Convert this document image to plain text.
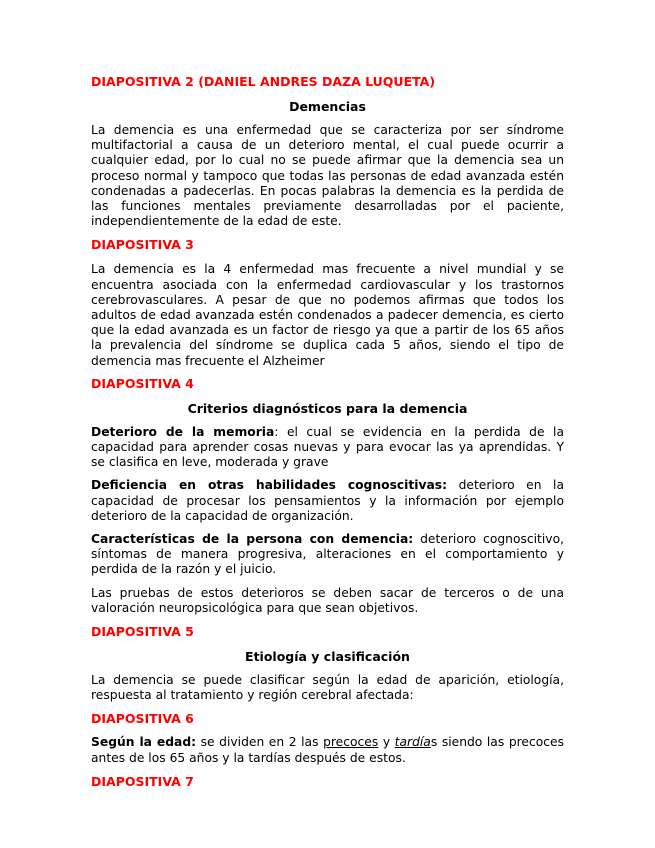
DIAPOSITIVA 2 (DANIEL ANDRES DAZA LUQUETA)

Demencias

La demencia es una enfermedad que se caracteriza por ser síndrome multifactorial a causa de un deterioro mental, el cual puede ocurrir a cualquier edad, por lo cual no se puede afirmar que la demencia sea un proceso normal y tampoco que todas las personas de edad avanzada estén condenadas a padecerlas. En pocas palabras la demencia es la perdida de las funciones mentales previamente desarrolladas por el paciente, independientemente de la edad de este.

DIAPOSITIVA 3

La demencia es la 4 enfermedad mas frecuente a nivel mundial y se encuentra asociada con la enfermedad cardiovascular y los trastornos cerebrovasculares. A pesar de que no podemos afirmas que todos los adultos de edad avanzada estén condenados a padecer demencia, es cierto que la edad avanzada es un factor de riesgo ya que a partir de los 65 años la prevalencia del síndrome se duplica cada 5 años, siendo el tipo de demencia mas frecuente el Alzheimer

DIAPOSITIVA 4

Criterios diagnósticos para la demencia

Deterioro de la memoria: el cual se evidencia en la perdida de la capacidad para aprender cosas nuevas y para evocar las ya aprendidas. Y se clasifica en leve, moderada y grave

Deficiencia en otras habilidades cognoscitivas: deterioro en la capacidad de procesar los pensamientos y la información por ejemplo deterioro de la capacidad de organización.

Características de la persona con demencia: deterioro cognoscitivo, síntomas de manera progresiva, alteraciones en el comportamiento y perdida de la razón y el juicio.

Las pruebas de estos deterioros se deben sacar de terceros o de una valoración neuropsicológica para que sean objetivos.

DIAPOSITIVA 5

Etiología y clasificación

La demencia se puede clasificar según la edad de aparición, etiología, respuesta al tratamiento y región cerebral afectada:

DIAPOSITIVA 6

Según la edad: se dividen en 2 las precoces y tardías siendo las precoces antes de los 65 años y la tardías después de estos.

DIAPOSITIVA 7
